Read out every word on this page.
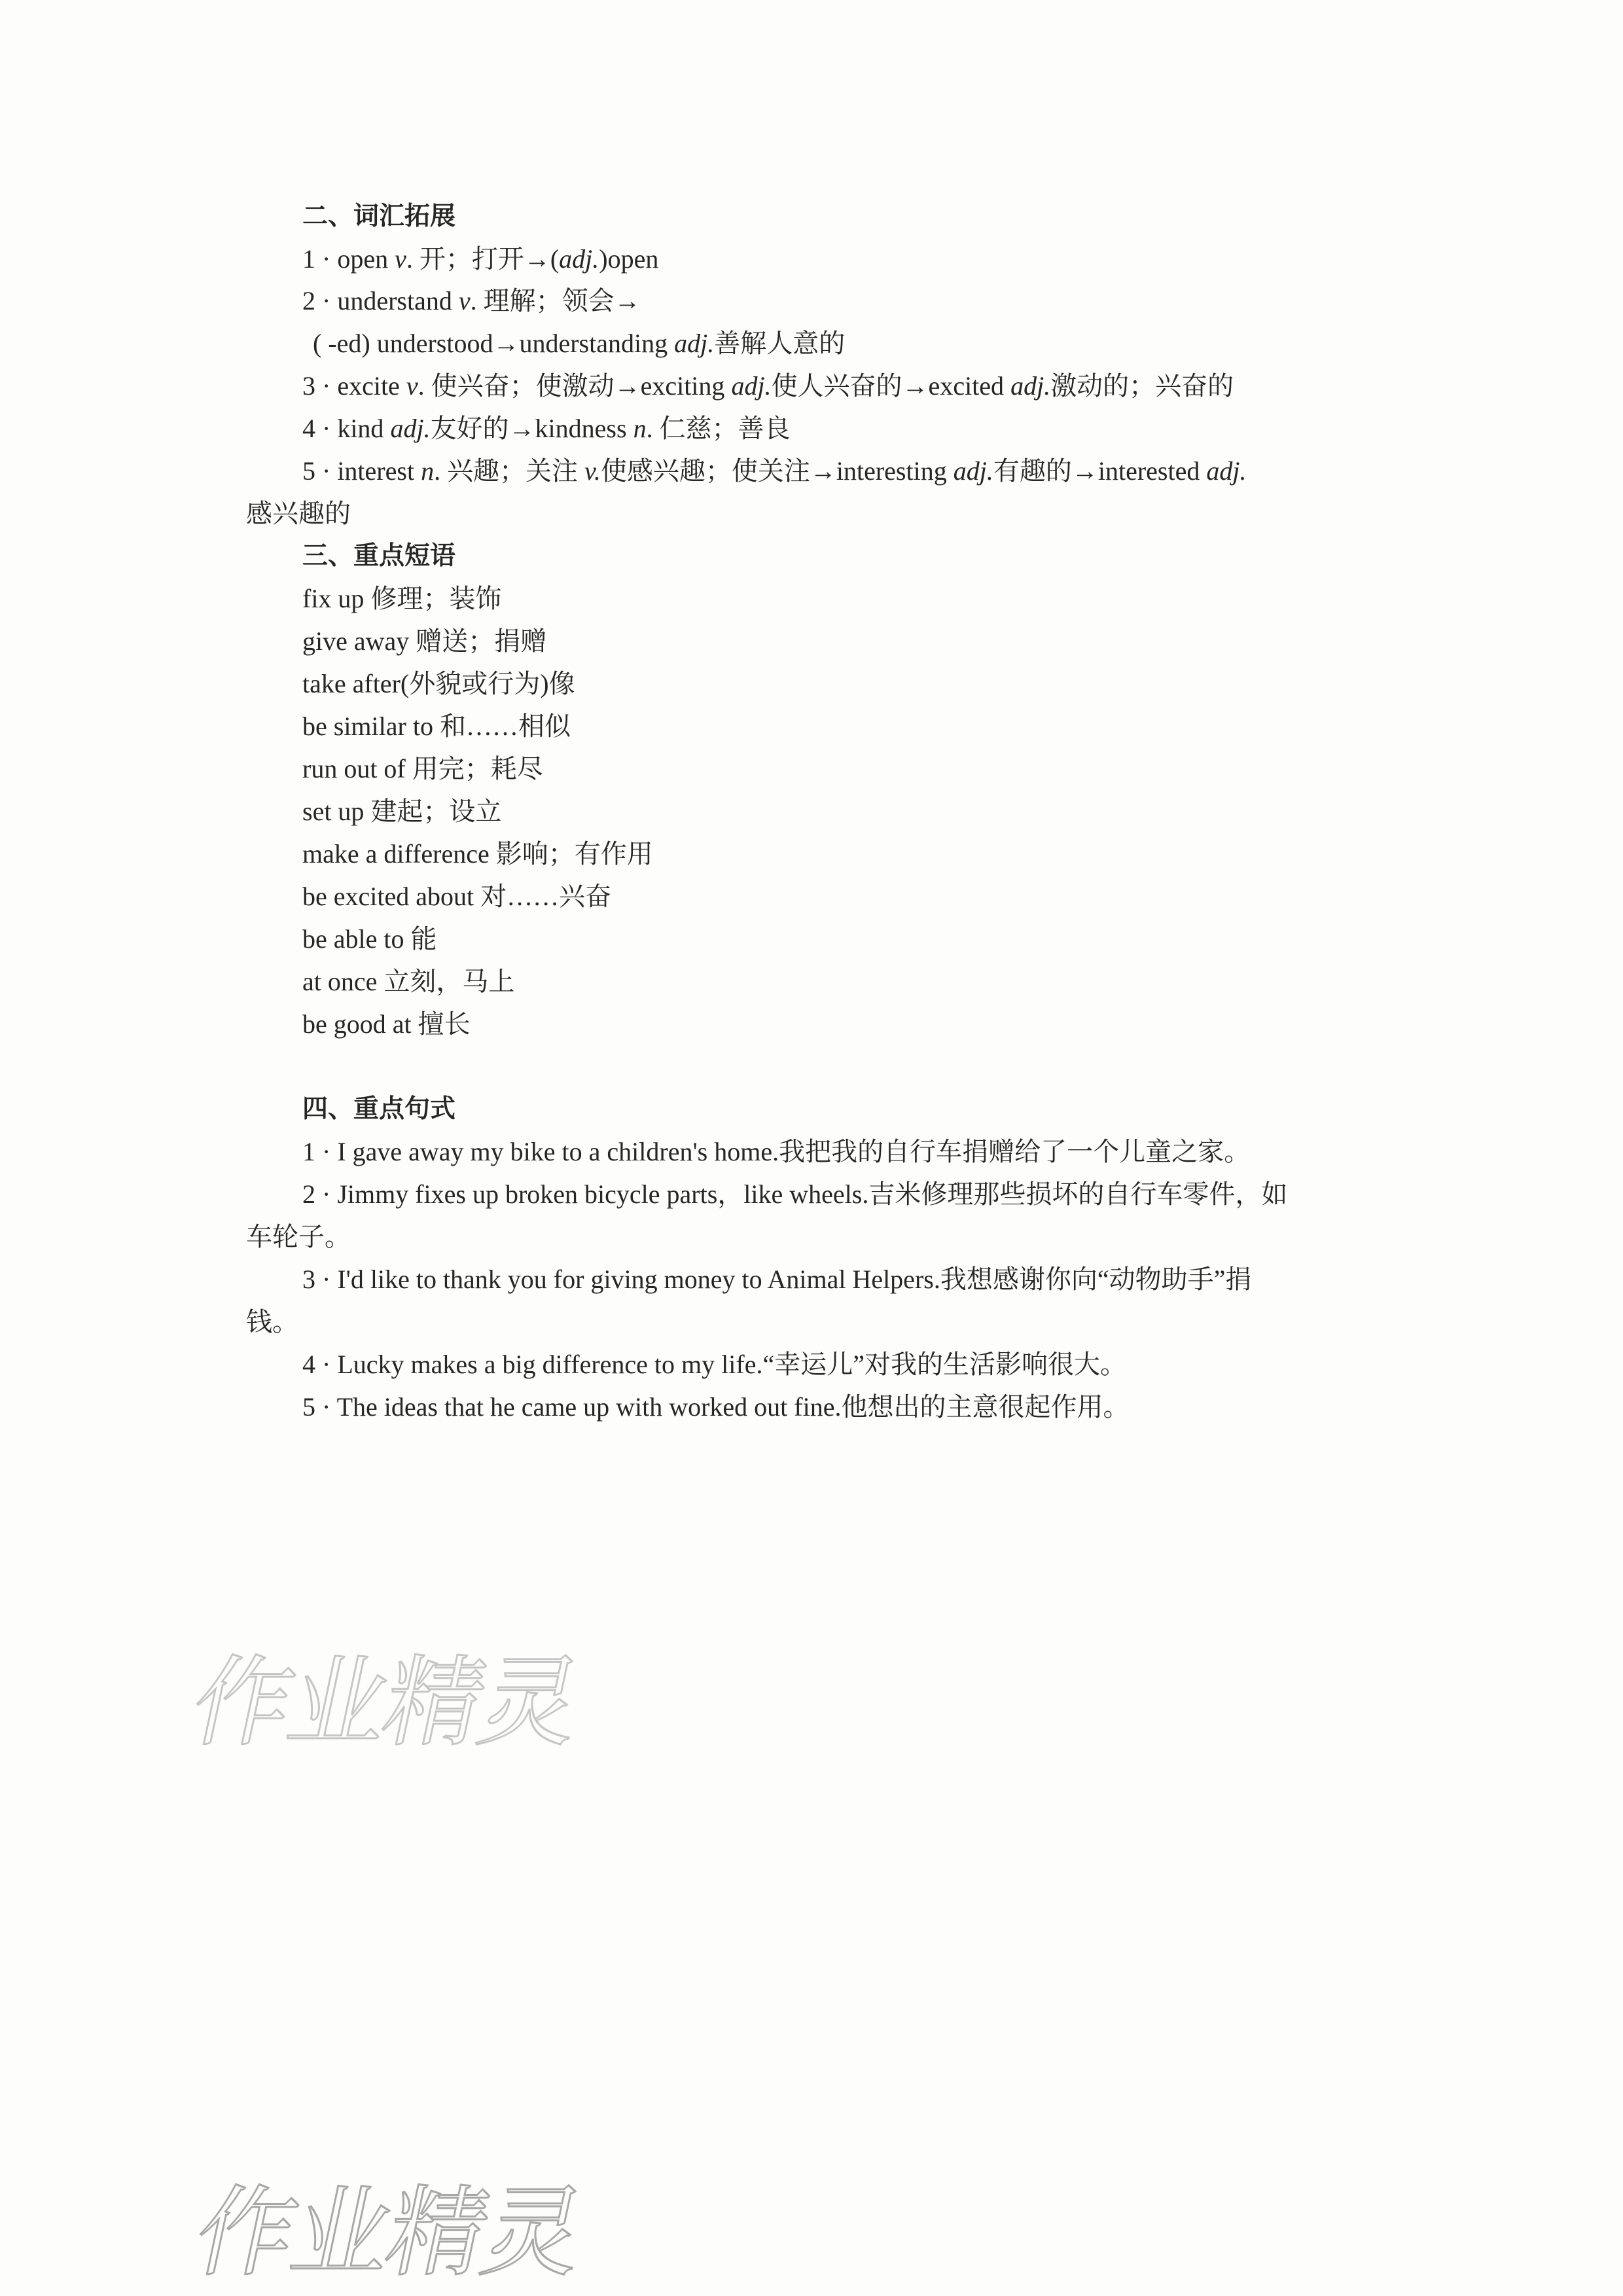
二、词汇拓展
1 · open v. 开；打开→(adj.)open
2 · understand v. 理解；领会→
( -ed) understood→understanding adj.善解人意的
3 · excite v. 使兴奋；使激动→exciting adj.使人兴奋的→excited adj.激动的；兴奋的
4 · kind adj.友好的→kindness n. 仁慈；善良
5 · interest n. 兴趣；关注 v.使感兴趣；使关注→interesting adj.有趣的→interested adj.
感兴趣的
三、重点短语
fix up 修理；装饰
give away 赠送；捐赠
take after(外貌或行为)像
be similar to 和……相似
run out of 用完；耗尽
set up 建起；设立
make a difference 影响；有作用
be excited about 对……兴奋
be able to 能
at once 立刻，马上
be good at 擅长
四、重点句式
1 · I gave away my bike to a children's home.我把我的自行车捐赠给了一个儿童之家。
2 · Jimmy fixes up broken bicycle parts，like wheels.吉米修理那些损坏的自行车零件，如
车轮子。
3 · I'd like to thank you for giving money to Animal Helpers.我想感谢你向“动物助手”捐
钱。
4 · Lucky makes a big difference to my life.“幸运儿”对我的生活影响很大。
5 · The ideas that he came up with worked out fine.他想出的主意很起作用。
作业精灵
作业精灵
